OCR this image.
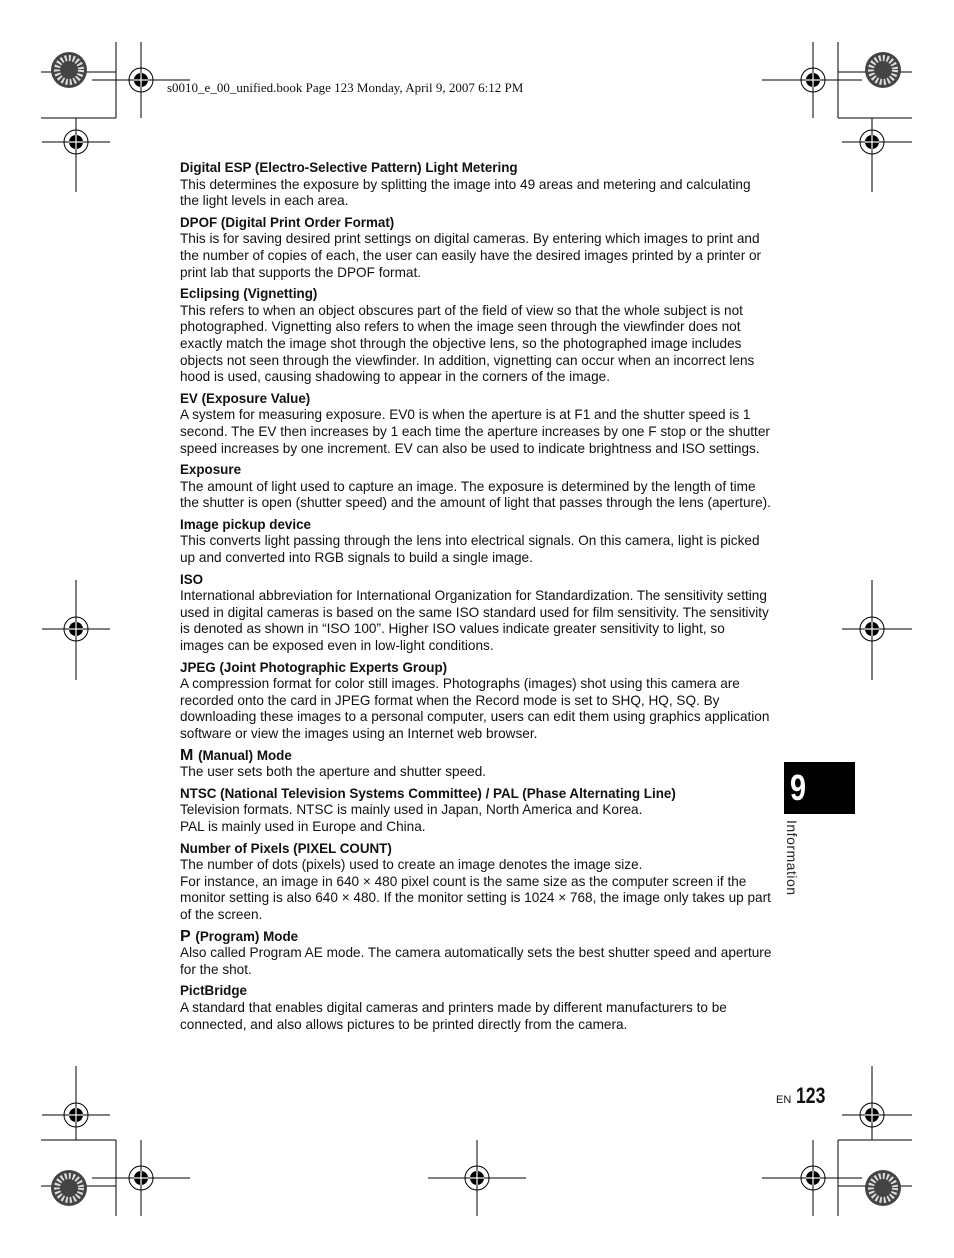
s0010_e_00_unified.book Page 123 Monday, April 9, 2007 6:12 PM
Digital ESP (Electro-Selective Pattern) Light Metering

This determines the exposure by splitting the image into 49 areas and metering and calculating the light levels in each area.

DPOF (Digital Print Order Format)

This is for saving desired print settings on digital cameras. By entering which images to print and the number of copies of each, the user can easily have the desired images printed by a printer or print lab that supports the DPOF format.

Eclipsing (Vignetting)

This refers to when an object obscures part of the field of view so that the whole subject is not photographed. Vignetting also refers to when the image seen through the viewfinder does not exactly match the image shot through the objective lens, so the photographed image includes objects not seen through the viewfinder. In addition, vignetting can occur when an incorrect lens hood is used, causing shadowing to appear in the corners of the image.

EV (Exposure Value)

A system for measuring exposure. EV0 is when the aperture is at F1 and the shutter speed is 1 second. The EV then increases by 1 each time the aperture increases by one F stop or the shutter speed increases by one increment. EV can also be used to indicate brightness and ISO settings.

Exposure

The amount of light used to capture an image. The exposure is determined by the length of time the shutter is open (shutter speed) and the amount of light that passes through the lens (aperture).

Image pickup device

This converts light passing through the lens into electrical signals. On this camera, light is picked up and converted into RGB signals to build a single image.

ISO

International abbreviation for International Organization for Standardization. The sensitivity setting used in digital cameras is based on the same ISO standard used for film sensitivity. The sensitivity is denoted as shown in “ISO 100”. Higher ISO values indicate greater sensitivity to light, so images can be exposed even in low-light conditions.

JPEG (Joint Photographic Experts Group)

A compression format for color still images. Photographs (images) shot using this camera are recorded onto the card in JPEG format when the Record mode is set to SHQ, HQ, SQ. By downloading these images to a personal computer, users can edit them using graphics application software or view the images using an Internet web browser.

M (Manual) Mode

The user sets both the aperture and shutter speed.

NTSC (National Television Systems Committee) / PAL (Phase Alternating Line)

Television formats. NTSC is mainly used in Japan, North America and Korea.

PAL is mainly used in Europe and China.

Number of Pixels (PIXEL COUNT)

The number of dots (pixels) used to create an image denotes the image size.

For instance, an image in 640 × 480 pixel count is the same size as the computer screen if the monitor setting is also 640 × 480. If the monitor setting is 1024 × 768, the image only takes up part of the screen.

P (Program) Mode

Also called Program AE mode. The camera automatically sets the best shutter speed and aperture for the shot.

PictBridge

A standard that enables digital cameras and printers made by different manufacturers to be connected, and also allows pictures to be printed directly from the camera.

9
Information
EN 123
